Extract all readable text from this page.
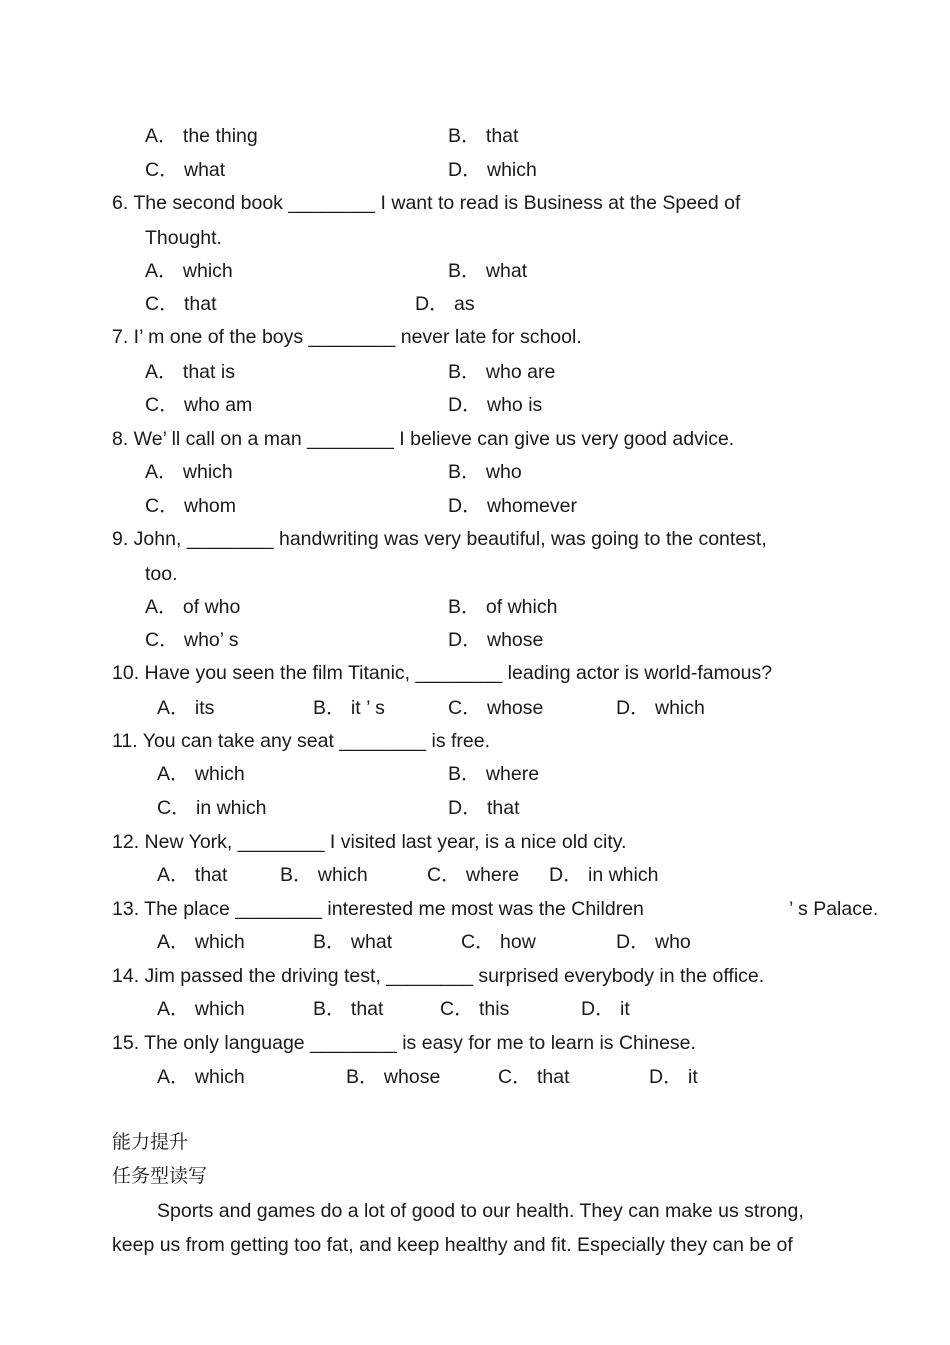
A． the thing	B． that
C． what	D． which
6. The second book ________ I want to read is Business at the Speed of
Thought.
A． which	B． what
C． that	D． as
7. I’ m one of the boys ________ never late for school.
A． that is	B． who are
C． who am	D． who is
8. We’ ll call on a man ________ I believe can give us very good advice.
A． which	B． who
C． whom	D． whomever
9. John, ________ handwriting was very beautiful, was going to the contest,
too.
A． of who	B． of which
C． who’ s	D． whose
10. Have you seen the film Titanic, ________ leading actor is world-famous?
A． its	B． it ’ s	C． whose	D． which
11. You can take any seat ________ is free.
A． which	B． where
C． in which	D． that
12. New York, ________ I visited last year, is a nice old city.
A． that	B． which	C． where D． in which
13. The place ________ interested me most was the Children	’ s Palace.
A． which	B． what	C． how	D． who
14. Jim passed the driving test, ________ surprised everybody in the office.
A． which	B． that	C． this	D． it
15. The only language ________ is easy for me to learn is Chinese.
A． which	B． whose	C． that	D． it
能力提升
任务型读写
Sports and games do a lot of good to our health. They can make us strong,
keep us from getting too fat, and keep healthy and fit. Especially they can be of
